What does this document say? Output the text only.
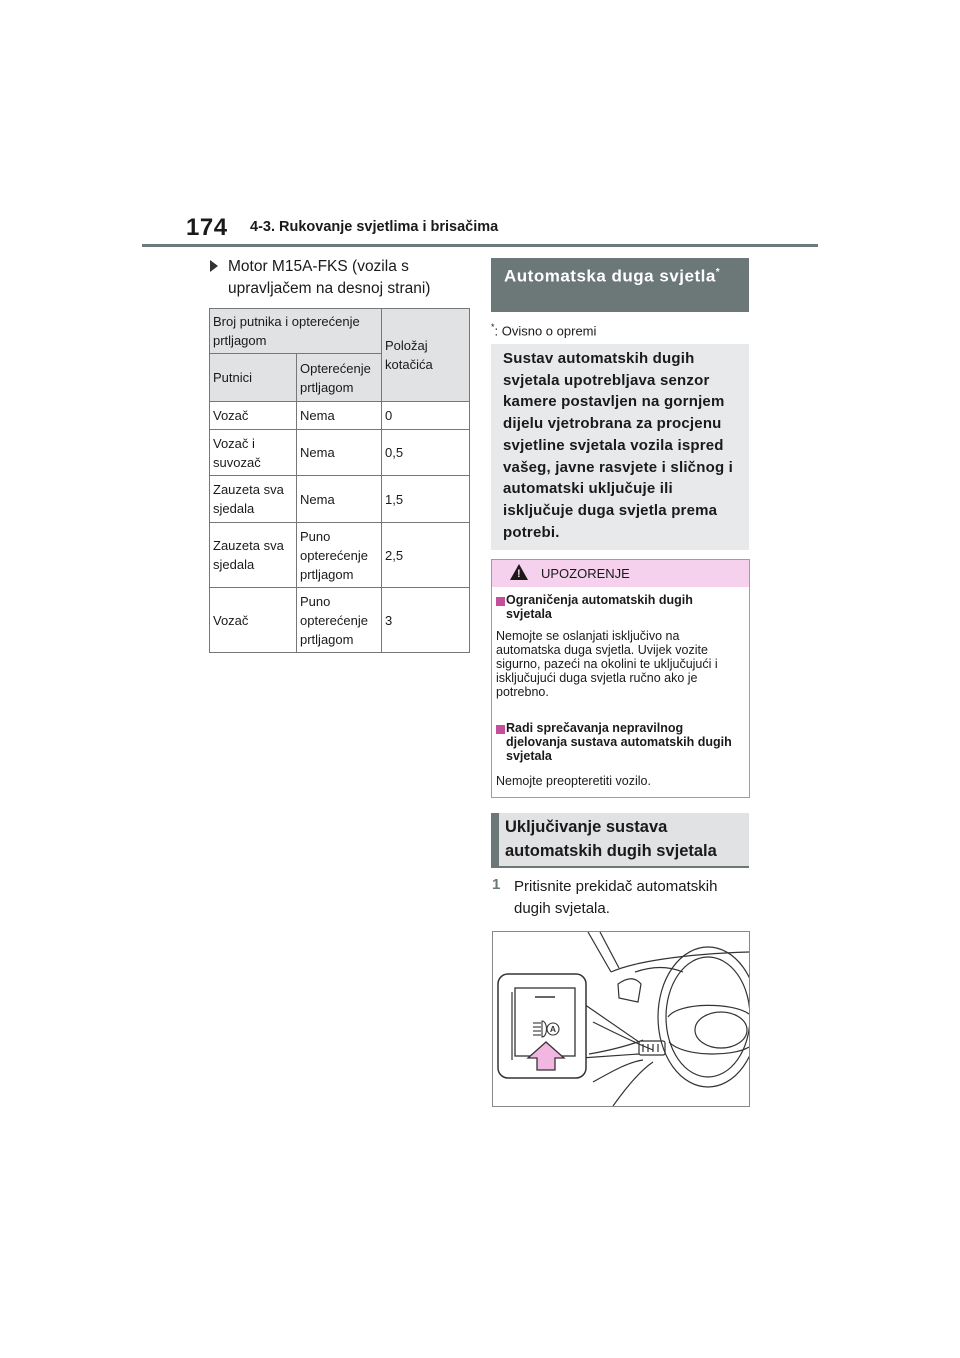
174 4-3. Rukovanje svjetlima i brisačima
Motor M15A-FKS (vozila s upravljačem na desnoj strani)
Broj putnika i opterećenje prtljagom		Položaj kotačića
Putnici	Opterećenje prtljagom	
Vozač	Nema	0
Vozač i suvozač	Nema	0,5
Zauzeta sva sjedala	Nema	1,5
Zauzeta sva sjedala	Puno opterećenje prtljagom	2,5
Vozač	Puno opterećenje prtljagom	3
Automatska duga svjetla*
*: Ovisno o opremi
Sustav automatskih dugih svjetala upotrebljava senzor kamere postavljen na gornjem dijelu vjetrobrana za procjenu svjetline svjetala vozila ispred vašeg, javne rasvjete i sličnog i automatski uključuje ili isključuje duga svjetla prema potrebi.
! UPOZORENJE
Ograničenja automatskih dugih svjetala
Nemojte se oslanjati isključivo na automatska duga svjetla. Uvijek vozite sigurno, pazeći na okolini te uključujući i isključujući duga svjetla ručno ako je potrebno.
Radi sprečavanja nepravilnog djelovanja sustava automatskih dugih svjetala
Nemojte preopteretiti vozilo.
Uključivanje sustava automatskih dugih svjetala
1 Pritisnite prekidač automatskih dugih svjetala.
A
